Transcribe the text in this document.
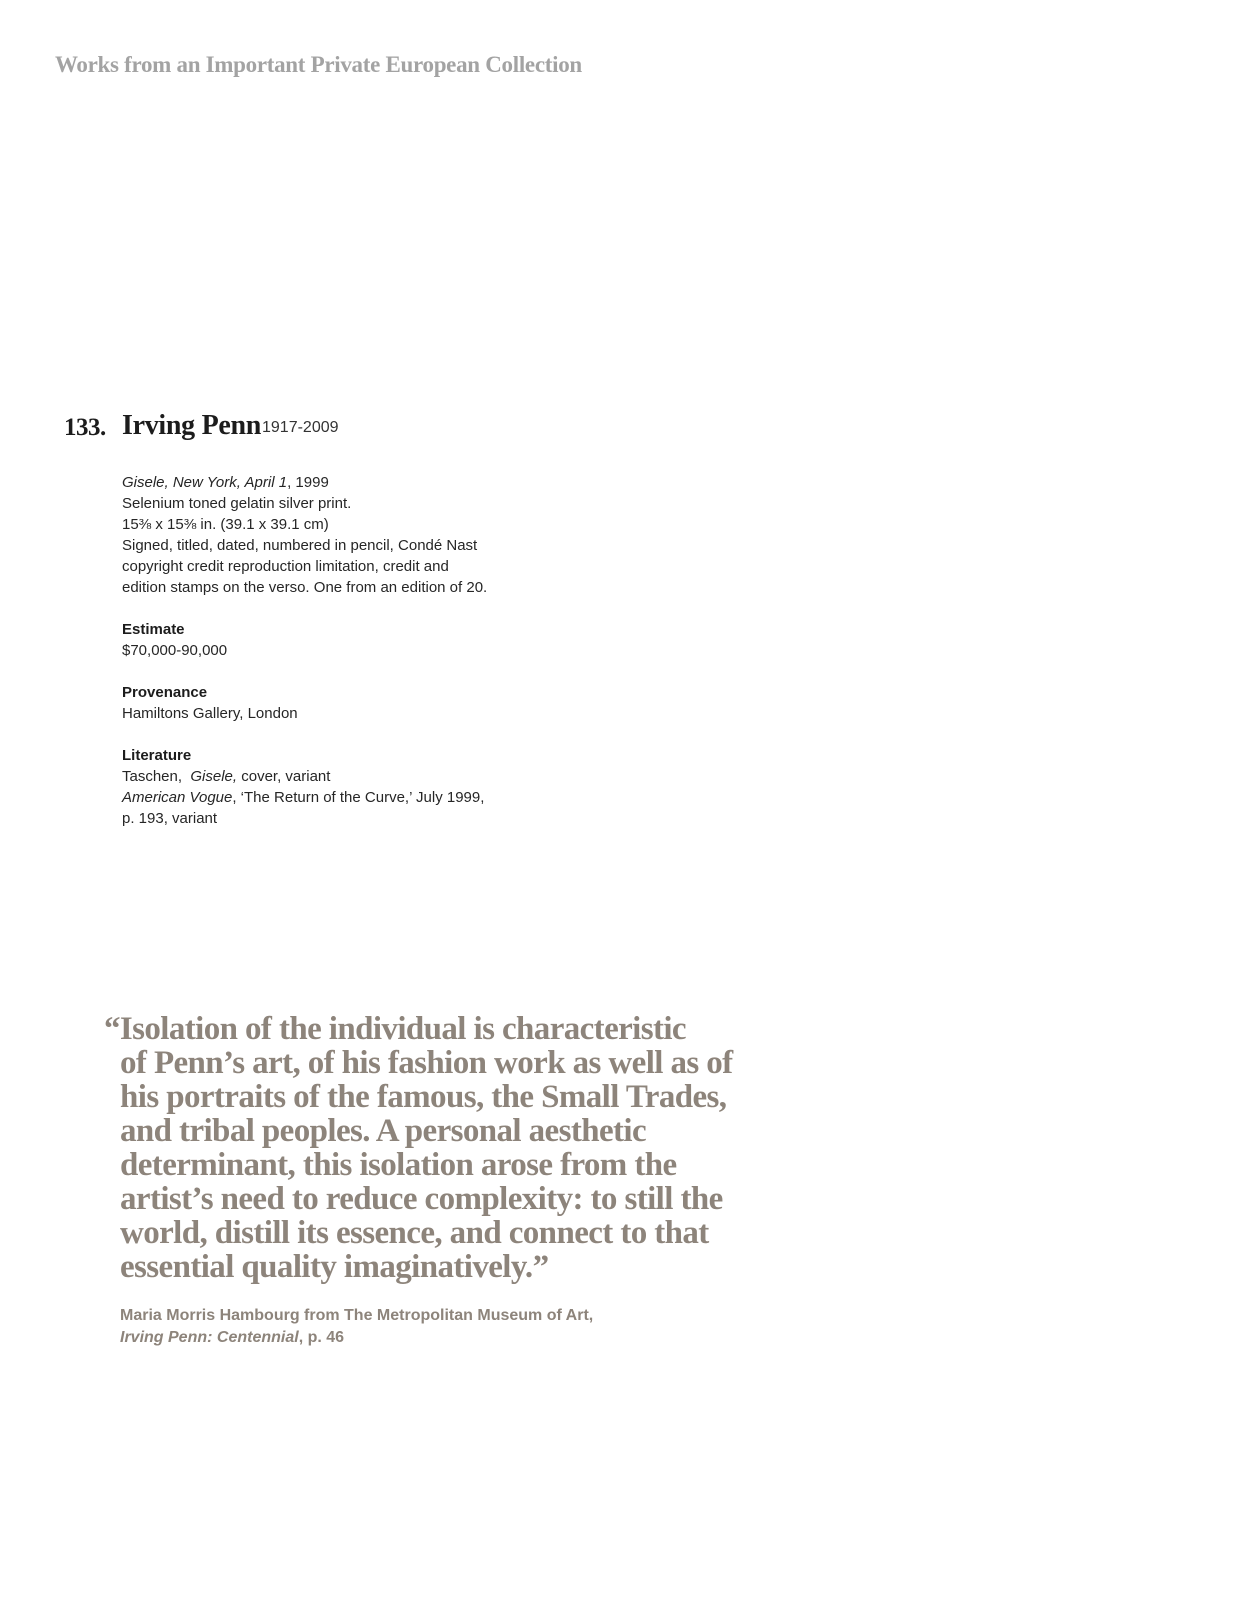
Works from an Important Private European Collection
133. Irving Penn 1917-2009
Gisele, New York, April 1, 1999
Selenium toned gelatin silver print.
15⅜ x 15⅜ in. (39.1 x 39.1 cm)
Signed, titled, dated, numbered in pencil, Condé Nast
copyright credit reproduction limitation, credit and
edition stamps on the verso. One from an edition of 20.
Estimate
$70,000-90,000
Provenance
Hamiltons Gallery, London
Literature
Taschen,  Gisele, cover, variant
American Vogue, ‘The Return of the Curve,’ July 1999,
p. 193, variant
“Isolation of the individual is characteristic
of Penn’s art, of his fashion work as well as of
his portraits of the famous, the Small Trades,
and tribal peoples. A personal aesthetic
determinant, this isolation arose from the
artist’s need to reduce complexity: to still the
world, distill its essence, and connect to that
essential quality imaginatively.”
Maria Morris Hambourg from The Metropolitan Museum of Art,
Irving Penn: Centennial, p. 46
